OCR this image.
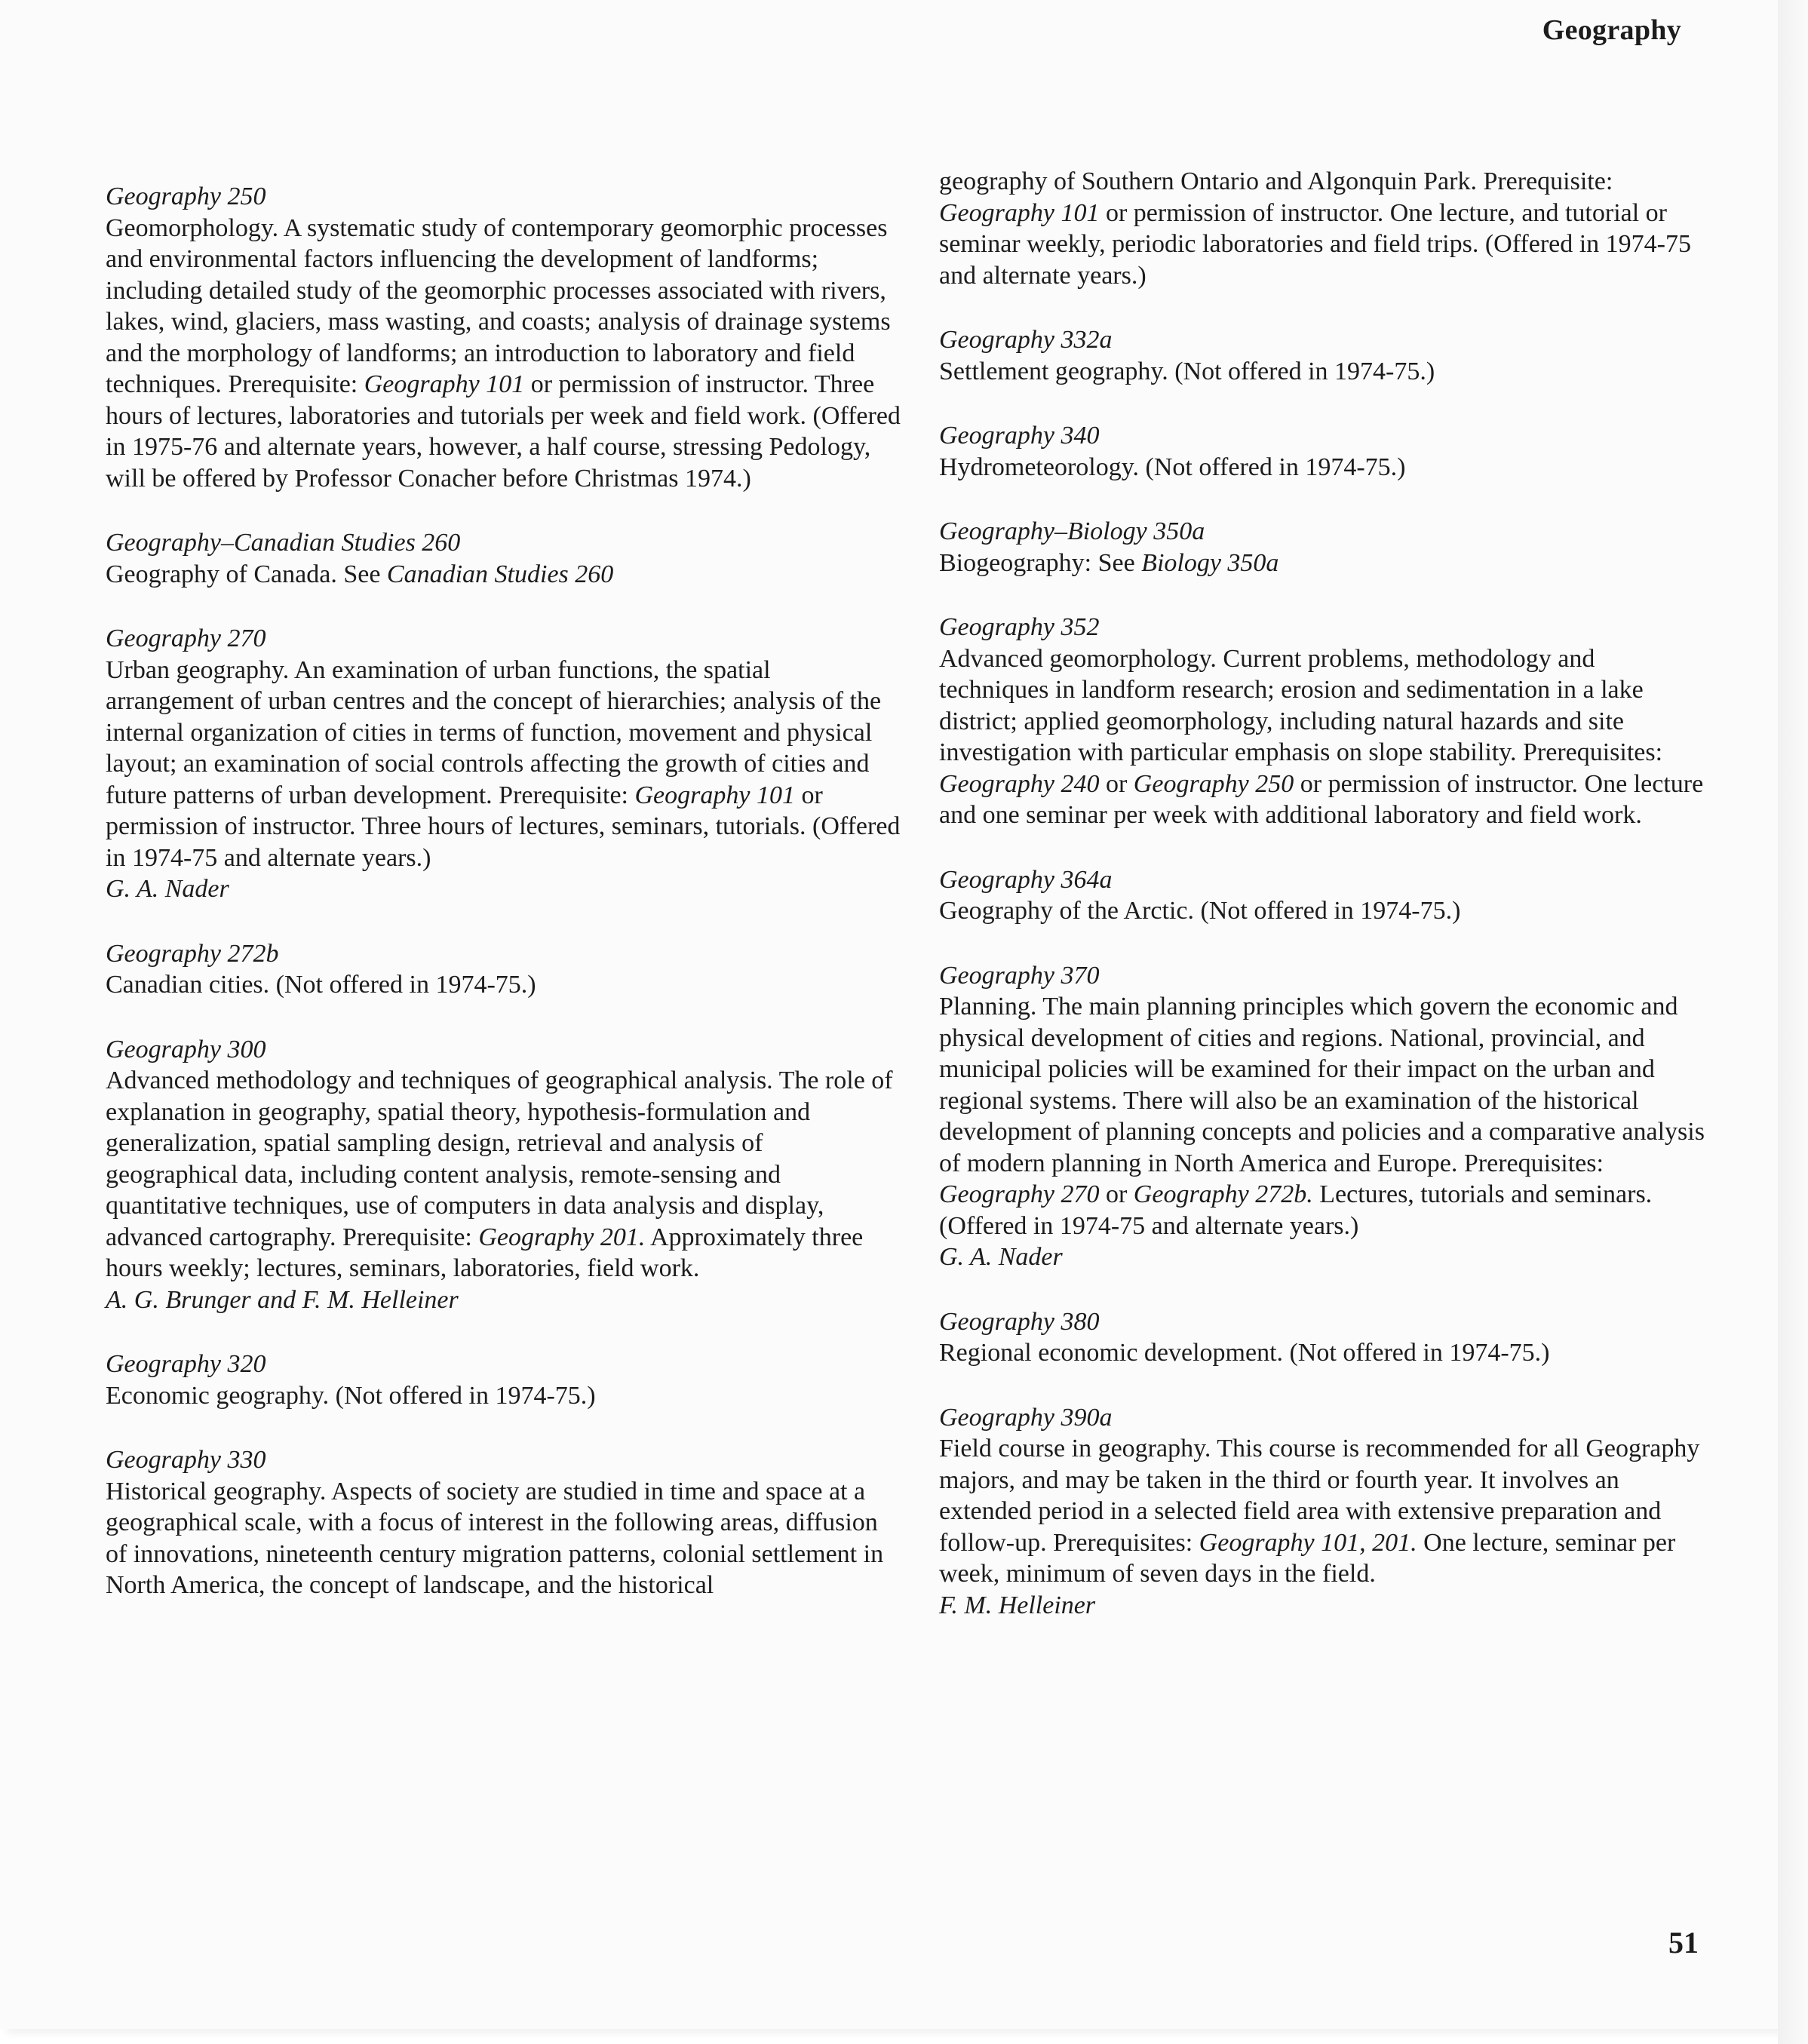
Geography
Geography 250
Geomorphology. A systematic study of contemporary geomorphic processes and environmental factors influencing the development of landforms; including detailed study of the geomorphic processes associated with rivers, lakes, wind, glaciers, mass wasting, and coasts; analysis of drainage systems and the morphology of landforms; an introduction to laboratory and field techniques. Prerequisite: Geography 101 or permission of instructor. Three hours of lectures, laboratories and tutorials per week and field work. (Offered in 1975-76 and alternate years, however, a half course, stressing Pedology, will be offered by Professor Conacher before Christmas 1974.)
Geography–Canadian Studies 260
Geography of Canada. See Canadian Studies 260
Geography 270
Urban geography. An examination of urban functions, the spatial arrangement of urban centres and the concept of hierarchies; analysis of the internal organization of cities in terms of function, movement and physical layout; an examination of social controls affecting the growth of cities and future patterns of urban development. Prerequisite: Geography 101 or permission of instructor. Three hours of lectures, seminars, tutorials. (Offered in 1974-75 and alternate years.)
G. A. Nader
Geography 272b
Canadian cities. (Not offered in 1974-75.)
Geography 300
Advanced methodology and techniques of geographical analysis. The role of explanation in geography, spatial theory, hypothesis-formulation and generalization, spatial sampling design, retrieval and analysis of geographical data, including content analysis, remote-sensing and quantitative techniques, use of computers in data analysis and display, advanced cartography. Prerequisite: Geography 201. Approximately three hours weekly; lectures, seminars, laboratories, field work.
A. G. Brunger and F. M. Helleiner
Geography 320
Economic geography. (Not offered in 1974-75.)
Geography 330
Historical geography. Aspects of society are studied in time and space at a geographical scale, with a focus of interest in the following areas, diffusion of innovations, nineteenth century migration patterns, colonial settlement in North America, the concept of landscape, and the historical
geography of Southern Ontario and Algonquin Park. Prerequisite: Geography 101 or permission of instructor. One lecture, and tutorial or seminar weekly, periodic laboratories and field trips. (Offered in 1974-75 and alternate years.)
Geography 332a
Settlement geography. (Not offered in 1974-75.)
Geography 340
Hydrometeorology. (Not offered in 1974-75.)
Geography–Biology 350a
Biogeography: See Biology 350a
Geography 352
Advanced geomorphology. Current problems, methodology and techniques in landform research; erosion and sedimentation in a lake district; applied geomorphology, including natural hazards and site investigation with particular emphasis on slope stability. Prerequisites: Geography 240 or Geography 250 or permission of instructor. One lecture and one seminar per week with additional laboratory and field work.
Geography 364a
Geography of the Arctic. (Not offered in 1974-75.)
Geography 370
Planning. The main planning principles which govern the economic and physical development of cities and regions. National, provincial, and municipal policies will be examined for their impact on the urban and regional systems. There will also be an examination of the historical development of planning concepts and policies and a comparative analysis of modern planning in North America and Europe. Prerequisites: Geography 270 or Geography 272b. Lectures, tutorials and seminars. (Offered in 1974-75 and alternate years.)
G. A. Nader
Geography 380
Regional economic development. (Not offered in 1974-75.)
Geography 390a
Field course in geography. This course is recommended for all Geography majors, and may be taken in the third or fourth year. It involves an extended period in a selected field area with extensive preparation and follow-up. Prerequisites: Geography 101, 201. One lecture, seminar per week, minimum of seven days in the field.
F. M. Helleiner
51
